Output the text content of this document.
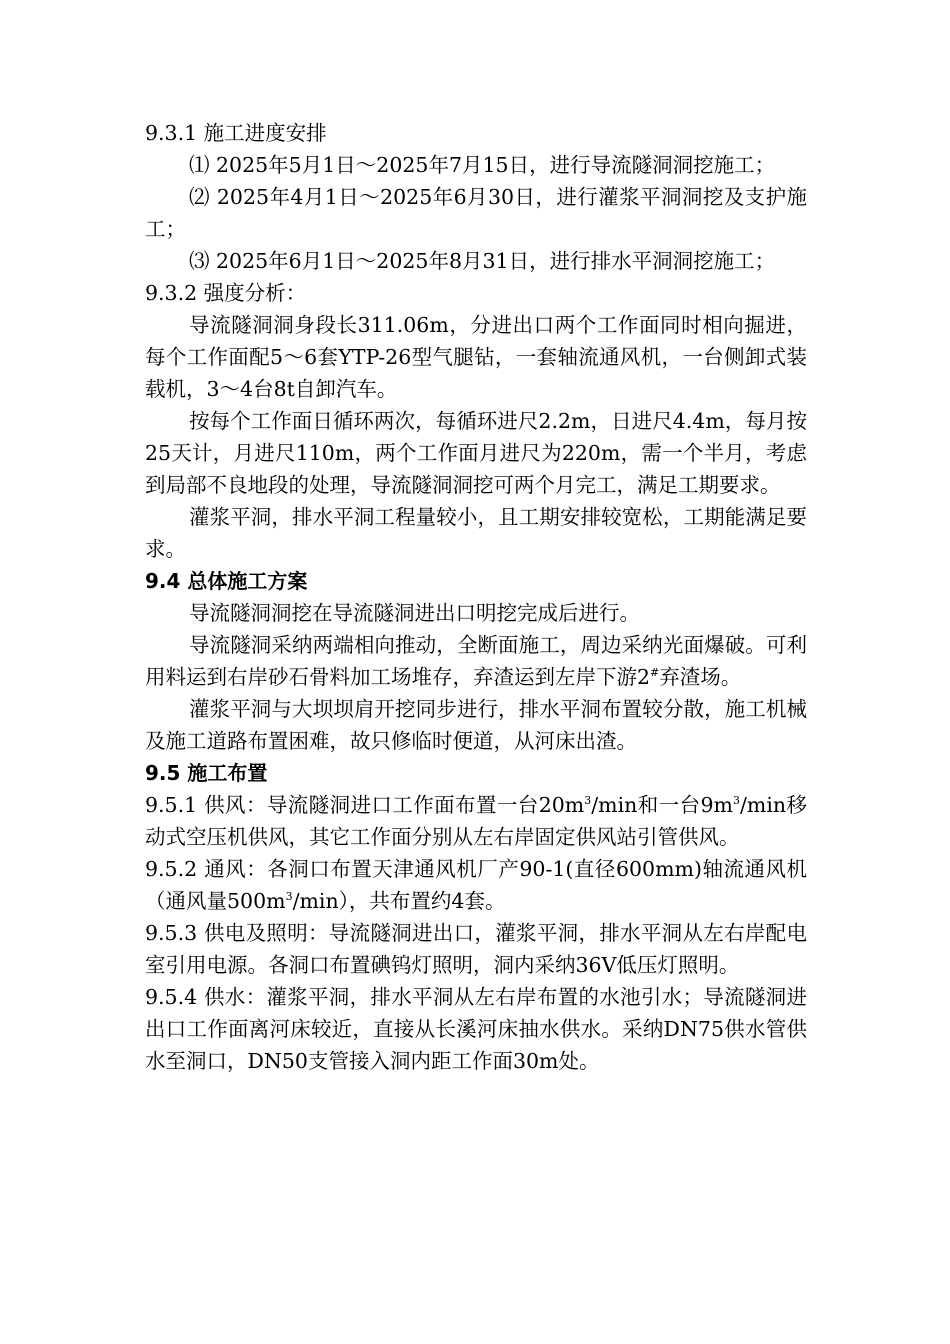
9.3.1 施工进度安排

⑴ 2025年5月1日～2025年7月15日，进行导流隧洞洞挖施工；

⑵ 2025年4月1日～2025年6月30日，进行灌浆平洞洞挖及支护施工；

⑶ 2025年6月1日～2025年8月31日，进行排水平洞洞挖施工；

9.3.2 强度分析：

导流隧洞洞身段长311.06m，分进出口两个工作面同时相向掘进，每个工作面配5～6套YTP-26型气腿钻，一套轴流通风机，一台侧卸式装载机，3～4台8t自卸汽车。

按每个工作面日循环两次，每循环进尺2.2m，日进尺4.4m，每月按25天计，月进尺110m，两个工作面月进尺为220m，需一个半月，考虑到局部不良地段的处理，导流隧洞洞挖可两个月完工，满足工期要求。

灌浆平洞，排水平洞工程量较小，且工期安排较宽松，工期能满足要求。

9.4 总体施工方案

导流隧洞洞挖在导流隧洞进出口明挖完成后进行。

导流隧洞采纳两端相向推动，全断面施工，周边采纳光面爆破。可利用料运到右岸砂石骨料加工场堆存，弃渣运到左岸下游2#弃渣场。

灌浆平洞与大坝坝肩开挖同步进行，排水平洞布置较分散，施工机械及施工道路布置困难，故只修临时便道，从河床出渣。

9.5 施工布置

9.5.1 供风：导流隧洞进口工作面布置一台$20m^3/\min$和一台$9m^3/\min$移动式空压机供风，其它工作面分别从左右岸固定供风站引管供风。

9.5.2 通风：各洞口布置天津通风机厂产90-1(直径600mm)轴流通风机（通风量$500m^3/\min$），共布置约4套。

9.5.3 供电及照明：导流隧洞进出口，灌浆平洞，排水平洞从左右岸配电室引用电源。各洞口布置碘钨灯照明，洞内采纳36V低压灯照明。

9.5.4 供水：灌浆平洞，排水平洞从左右岸布置的水池引水；导流隧洞进出口工作面离河床较近，直接从长溪河床抽水供水。采纳DN75供水管供水至洞口，DN50支管接入洞内距工作面30m处。
